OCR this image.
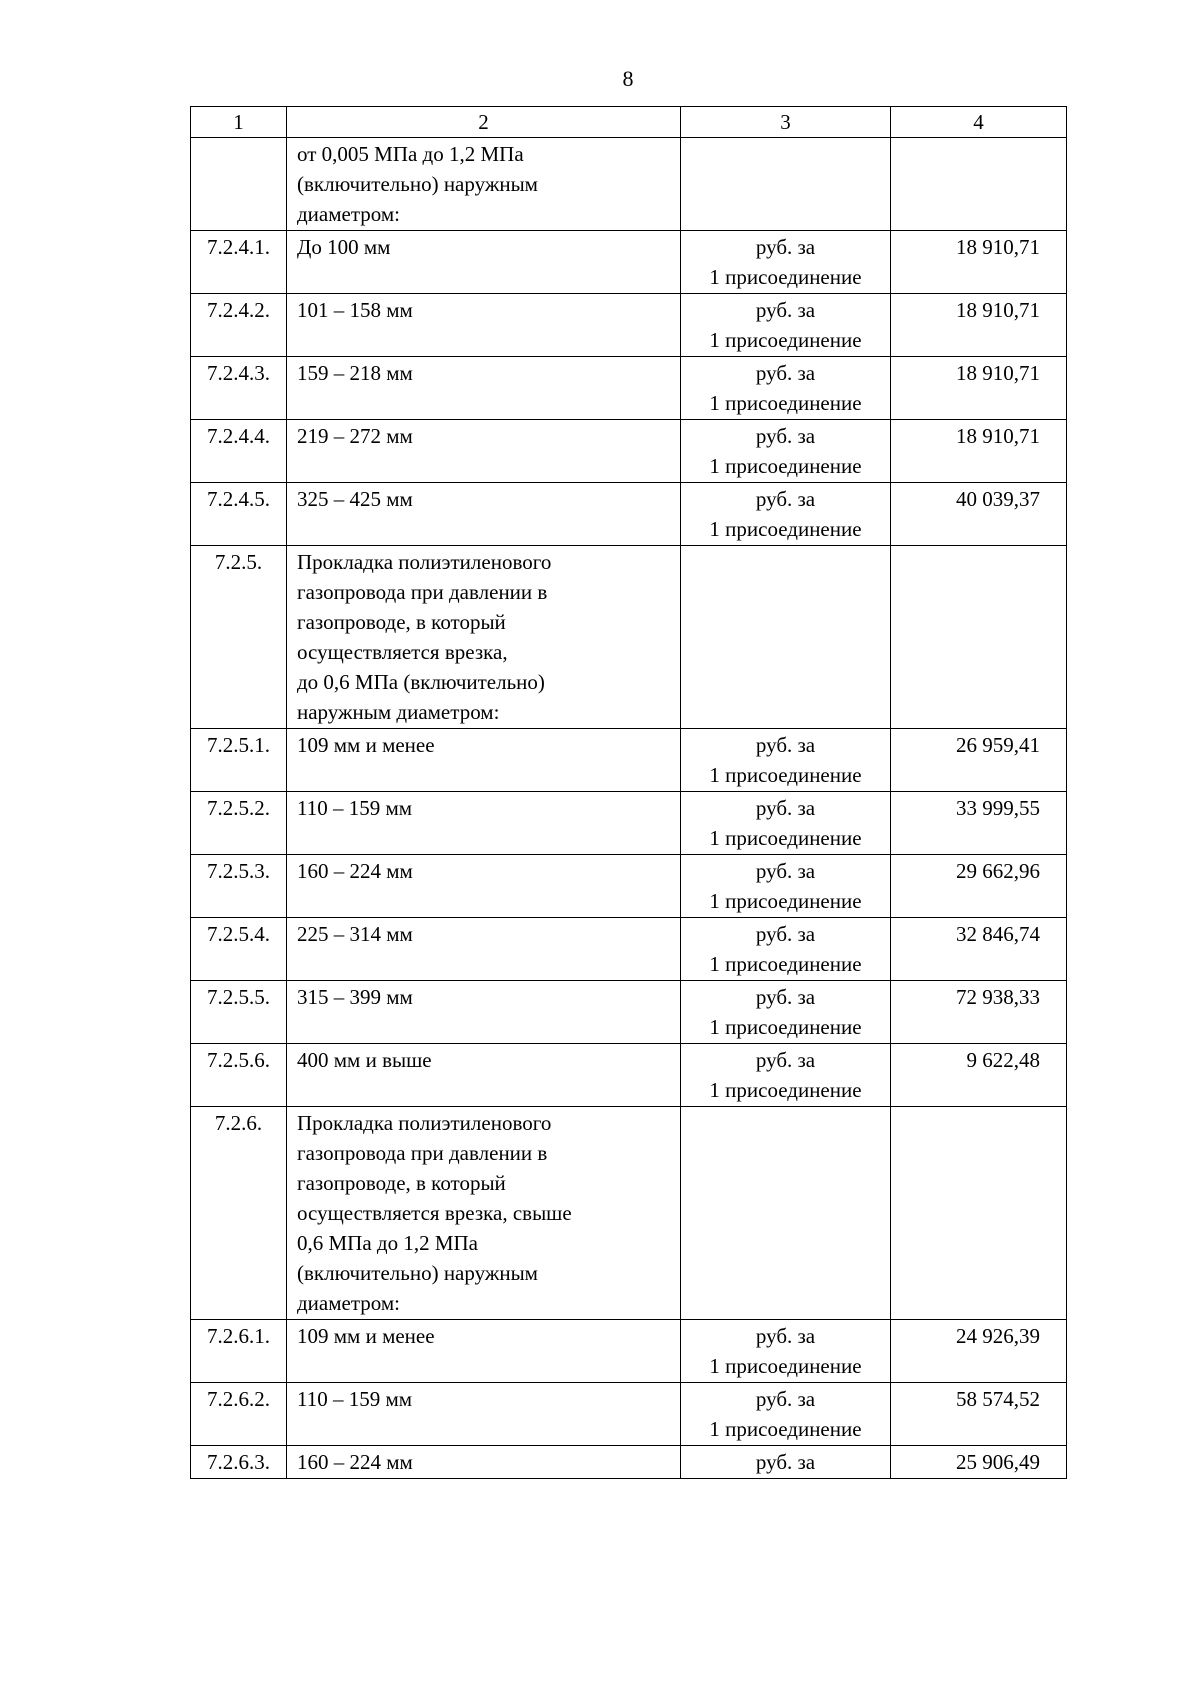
8
1	2	3	4
	от 0,005 МПа до 1,2 МПа
(включительно) наружным
диаметром:		
7.2.4.1.	До 100 мм	руб. за
1 присоединение	18 910,71
7.2.4.2.	101 – 158 мм	руб. за
1 присоединение	18 910,71
7.2.4.3.	159 – 218 мм	руб. за
1 присоединение	18 910,71
7.2.4.4.	219 – 272 мм	руб. за
1 присоединение	18 910,71
7.2.4.5.	325 – 425 мм	руб. за
1 присоединение	40 039,37
7.2.5.	Прокладка полиэтиленового
газопровода при давлении в
газопроводе, в который
осуществляется врезка,
до 0,6 МПа (включительно)
наружным диаметром:		
7.2.5.1.	109 мм и менее	руб. за
1 присоединение	26 959,41
7.2.5.2.	110 – 159 мм	руб. за
1 присоединение	33 999,55
7.2.5.3.	160 – 224 мм	руб. за
1 присоединение	29 662,96
7.2.5.4.	225 – 314 мм	руб. за
1 присоединение	32 846,74
7.2.5.5.	315 – 399 мм	руб. за
1 присоединение	72 938,33
7.2.5.6.	400 мм и выше	руб. за
1 присоединение	9 622,48
7.2.6.	Прокладка полиэтиленового
газопровода при давлении в
газопроводе, в который
осуществляется врезка, свыше
0,6 МПа до 1,2 МПа
(включительно) наружным
диаметром:		
7.2.6.1.	109 мм и менее	руб. за
1 присоединение	24 926,39
7.2.6.2.	110 – 159 мм	руб. за
1 присоединение	58 574,52
7.2.6.3.	160 – 224 мм	руб. за	25 906,49
